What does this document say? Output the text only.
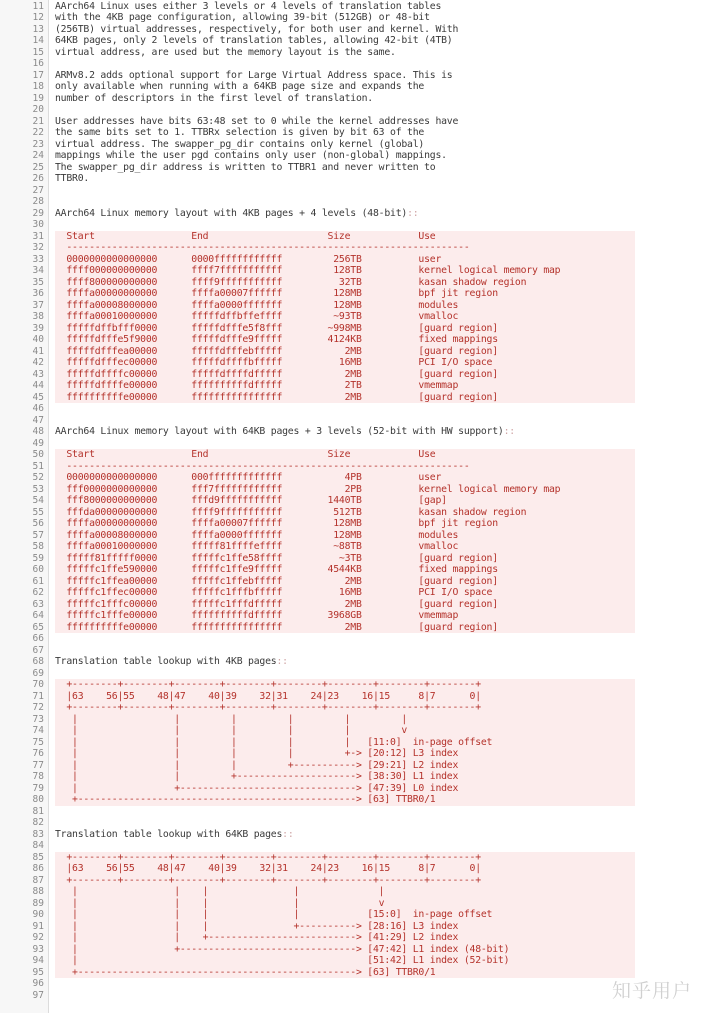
11 AArch64 Linux uses either 3 levels or 4 levels of translation tables
12 with the 4KB page configuration, allowing 39-bit (512GB) or 48-bit
13 (256TB) virtual addresses, respectively, for both user and kernel. With
14 64KB pages, only 2 levels of translation tables, allowing 42-bit (4TB)
15 virtual address, are used but the memory layout is the same.
16
17 ARMv8.2 adds optional support for Large Virtual Address space. This is
18 only available when running with a 64KB page size and expands the
19 number of descriptors in the first level of translation.
20
21 User addresses have bits 63:48 set to 0 while the kernel addresses have
22 the same bits set to 1. TTBRx selection is given by bit 63 of the
23 virtual address. The swapper_pg_dir contains only kernel (global)
24 mappings while the user pgd contains only user (non-global) mappings.
25 The swapper_pg_dir address is written to TTBR1 and never written to
26 TTBR0.
27
28
29 AArch64 Linux memory layout with 4KB pages + 4 levels (48-bit)::
30
31 Start                 End                     Size            Use
32 -----------------------------------------------------------------------
33 0000000000000000      0000ffffffffffff         256TB          user
34 ffff000000000000      ffff7fffffffffff         128TB          kernel logical memory map
35 ffff800000000000      ffff9fffffffffff          32TB          kasan shadow region
36 ffffa00000000000      ffffa00007ffffff         128MB          bpf jit region
37 ffffa00008000000      ffffa0000fffffff         128MB          modules
38 ffffa00010000000      fffffdffbffeffff         ~93TB          vmalloc
39 fffffdffbfff0000      fffffdfffe5f8fff        ~998MB          [guard region]
40 fffffdfffe5f9000      fffffdfffe9fffff        4124KB          fixed mappings
41 fffffdfffea00000      fffffdfffebfffff           2MB          [guard region]
42 fffffdfffec00000      fffffdffffbfffff          16MB          PCI I/O space
43 fffffdffffc00000      fffffdffffdfffff           2MB          [guard region]
44 fffffdffffe00000      ffffffffffdfffff           2TB          vmemmap
45 ffffffffffe00000      ffffffffffffffff           2MB          [guard region]
46
47
48 AArch64 Linux memory layout with 64KB pages + 3 levels (52-bit with HW support)::
49
50 Start                 End                     Size            Use
51 -----------------------------------------------------------------------
52 0000000000000000      000fffffffffffff           4PB          user
53 fff0000000000000      fff7ffffffffffff           2PB          kernel logical memory map
54 fff8000000000000      fffd9fffffffffff        1440TB          [gap]
55 fffda00000000000      ffff9fffffffffff         512TB          kasan shadow region
56 ffffa00000000000      ffffa00007ffffff         128MB          bpf jit region
57 ffffa00008000000      ffffa0000fffffff         128MB          modules
58 ffffa00010000000      fffff81ffffeffff         ~88TB          vmalloc
59 fffff81fffff0000      fffffc1ffe58ffff          ~3TB          [guard region]
60 fffffc1ffe590000      fffffc1ffe9fffff        4544KB          fixed mappings
61 fffffc1ffea00000      fffffc1ffebfffff           2MB          [guard region]
62 fffffc1ffec00000      fffffc1fffbfffff          16MB          PCI I/O space
63 fffffc1fffc00000      fffffc1fffdfffff           2MB          [guard region]
64 fffffc1fffe00000      ffffffffffdfffff        3968GB          vmemmap
65 ffffffffffe00000      ffffffffffffffff           2MB          [guard region]
66
67
68 Translation table lookup with 4KB pages::
69
70 +--------+--------+--------+--------+--------+--------+--------+--------+
71 |63    56|55    48|47    40|39    32|31    24|23    16|15     8|7      0|
72 +--------+--------+--------+--------+--------+--------+--------+--------+
73 |                 |         |         |         |         |
74 |                 |         |         |         |         v
75 |                 |         |         |         |   [11:0]  in-page offset
76 |                 |         |         |         +-> [20:12] L3 index
77 |                 |         |         +-----------> [29:21] L2 index
78 |                 |         +---------------------> [38:30] L1 index
79 |                 +-------------------------------> [47:39] L0 index
80 +-------------------------------------------------> [63] TTBR0/1
81
82
83 Translation table lookup with 64KB pages::
84
85 +--------+--------+--------+--------+--------+--------+--------+--------+
86 |63    56|55    48|47    40|39    32|31    24|23    16|15     8|7      0|
87 +--------+--------+--------+--------+--------+--------+--------+--------+
88 |                 |    |               |              |
89 |                 |    |               |              v
90 |                 |    |               |            [15:0]  in-page offset
91 |                 |    |               +----------> [28:16] L3 index
92 |                 |    +--------------------------> [41:29] L2 index
93 |                 +-------------------------------> [47:42] L1 index (48-bit)
94 |                                                   [51:42] L1 index (52-bit)
95 +-------------------------------------------------> [63] TTBR0/1
96
97	知乎用户
